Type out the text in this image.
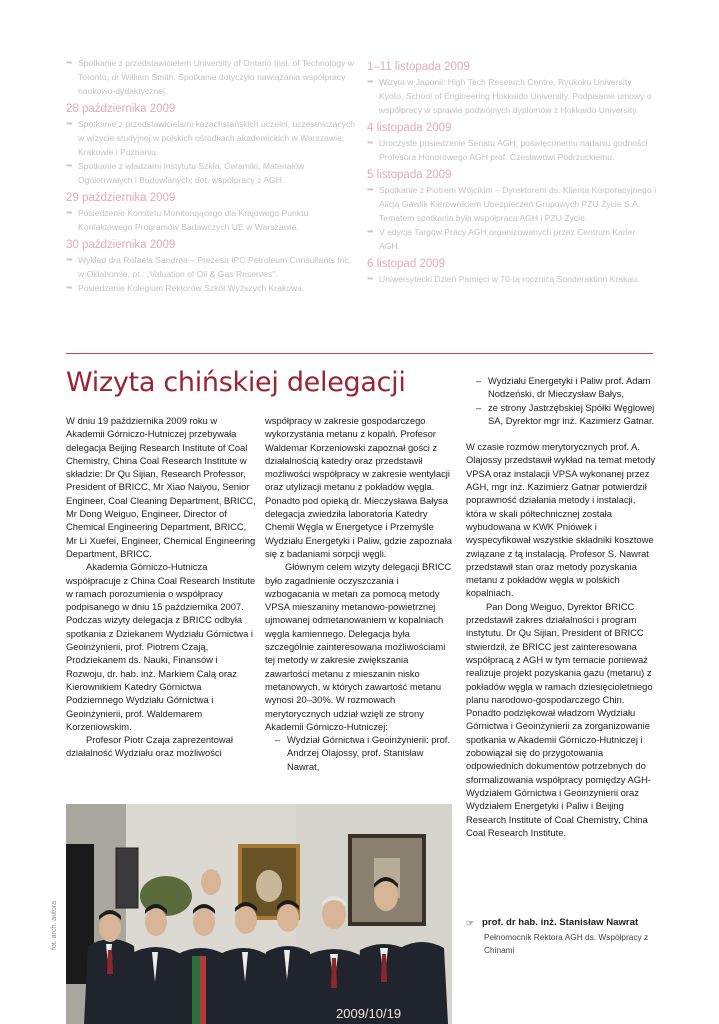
➥ Spotkanie z przedstawicielem University of Ontario Inst. of Technology w Toronto, dr William Smith. Spotkanie dotyczyło nawiązania współpracy naukowo-dydaktycznej.
28 października 2009
➥ Spotkanie z przedstawicielami kazachstańskich uczelni, uczestniczących w wizycie studyjnej w polskich ośrodkach akademickich w Warszawie, Krakowie i Poznaniu.
➥ Spotkanie z władzami Instytutu Szkła, Ceramiki, Materiałów Ogniotrwałych i Budowlanych; dot. współpracy z AGH.
29 października 2009
➥ Posiedzenie Komitetu Monitorującego dla Krajowego Punktu Kontaktowego Programów Badawczych UE w Warszawie.
30 października 2009
➥ Wykład dra Rafaela Sandrea – Prezesa IPC Petroleum Consultants Inc. w Oklahomie, pt.: „Valuation of Oil & Gas Reserves”.
➥ Posiedzenie Kolegium Rektorów Szkół Wyższych Krakowa.
1–11 listopada 2009
➥ Wizyta w Japonii: High Tech Research Centre, Ryukoku University Kyoto, School of Engineering Hokkaido University. Podpisanie umowy o współpracy w sprawie podwójnych dyplomów z Hokkaido University.
4 listopada 2009
➥ Uroczyste posiedzenie Senatu AGH, poświęconemu nadaniu godności Profesora Honorowego AGH prof. Czesławowi Podrzuckiemu.
5 listopada 2009
➥ Spotkanie z Piotrem Wójcikim – Dyrektorem ds. Klienta Korporacyjnego i Alicją Gawlik Kierownikiem Ubezpieczeń Grupowych PZU Życie S.A. Tematem spotkania była współpraca AGH i PZU Życie.
➥ V edycja Targów Pracy AGH organizowanych przez Centrum Karier AGH.
6 listopad 2009
➥ Uniwersytecki Dzień Pamięci w 70-tą rocznicą Sonderaktion Krakau.
Wizyta chińskiej delegacji

W dniu 19 października 2009 roku w Akademii Górniczo-Hutniczej przebywała delegacja Beijing Research Institute of Coal Chemistry, China Coal Research Institute w składzie: Dr Qu Sijian, Research Professor, President of BRICC, Mr Xiao Naiyou, Senior Engineer, Coal Cleaning Department, BRICC, Mr Dong Weiguo, Engineer, Director of Chemical Engineering Department, BRICC, Mr Li Xuefei, Engineer, Chemical Engineering Department, BRICC.

Akademia Górniczo-Hutnicza współpracuje z China Coal Research Institute w ramach porozumienia o współpracy podpisanego w dniu 15 października 2007. Podczas wizyty delegacja z BRICC odbyła spotkania z Dziekanem Wydziału Górnictwa i Geoinżynierii, prof. Piotrem Czają, Prodziekanem ds. Nauki, Finansów i Rozwoju, dr. hab. inż. Markiem Calą oraz Kierownikiem Katedry Górnictwa Podziemnego Wydziału Górnictwa i Geoinżynierii, prof. Waldemarem Korzeniowskim.

Profesor Piotr Czaja zaprezentował działalność Wydziału oraz możliwości

współpracy w zakresie gospodarczego wykorzystania metanu z kopalń. Profesor Waldemar Korzeniowski zapoznał gości z działalnością katedry oraz przedstawił możliwości współpracy w zakresie wentylacji oraz utylizacji metanu z pokładów węgla. Ponadto pod opieką dr. Mieczysława Bałysa delegacja zwiedziła laboratoria Katedry Chemii Węgla w Energetyce i Przemyśle Wydziału Energetyki i Paliw, gdzie zapoznała się z badaniami sorpcji węgli.

Głównym celem wizyty delegacji BRICC było zagadnienie oczyszczania i wzbogacania w metan za pomocą metody VPSA mieszaniny metanowo-powietrznej ujmowanej odmetanowaniem w kopalniach węgla kamiennego. Delegacja była szczególnie zainteresowana możliwościami tej metody w zakresie zwiększania zawartości metanu z mieszanin nisko metanowych, w których zawartość metanu wynosi 20–30%. W rozmowach merytorycznych udział wzięli ze strony Akademii Górniczo-Hutniczej:

– Wydział Górnictwa i Geoinżynierii: prof. Andrzej Olajossy, prof. Stanisław Nawrat,
– Wydziału Energetyki i Paliw prof. Adam Nodzeński, dr Mieczysław Bałys,
– ze strony Jastrzębskiej Spółki Węglowej SA, Dyrektor mgr inż. Kazimierz Gatnar.

W czasie rozmów merytorycznych prof. A. Olajossy przedstawił wykład na temat metody VPSA oraz instalacji VPSA wykonanej przez AGH, mgr inż. Kazimierz Gatnar potwierdził poprawność działania metody i instalacji, która w skali półtechnicznej została wybudowana w KWK Pniówek i wyspecyfikował wszystkie składniki kosztowe związane z tą instalacją. Profesor S. Nawrat przedstawił stan oraz metody pozyskania metanu z pokładów węgla w polskich kopalniach.

Pan Dong Weiguo, Dyrektor BRICC przedstawił zakres działalności i program instytutu. Dr Qu Sijian, President of BRICC stwierdził, że BRICC jest zainteresowana współpracą z AGH w tym temacie ponieważ realizuje projekt pozyskania gazu (metanu) z pokładów węgla w ramach dziesięcioletniego planu narodowo-gospodarczego Chin. Ponadto podziękował władzom Wydziału Górnictwa i Geoinżynierii za zorganizowanie spotkania w Akademii Górniczo-Hutniczej i zobowiązał się do przygotowania odpowiednich dokumentów potrzebnych do sformalizowania współpracy pomiędzy AGH-Wydziałem Górnictwa i Geoinżynierii oraz Wydziałem Energetyki i Paliw i Beijing Research Institute of Coal Chemistry, China Coal Research Institute.

2009/10/19
fot. arch. autora	☞ prof. dr hab. inż. Stanisław Nawrat
Pełnomocnik Rektora AGH ds. Współpracy z Chinami
